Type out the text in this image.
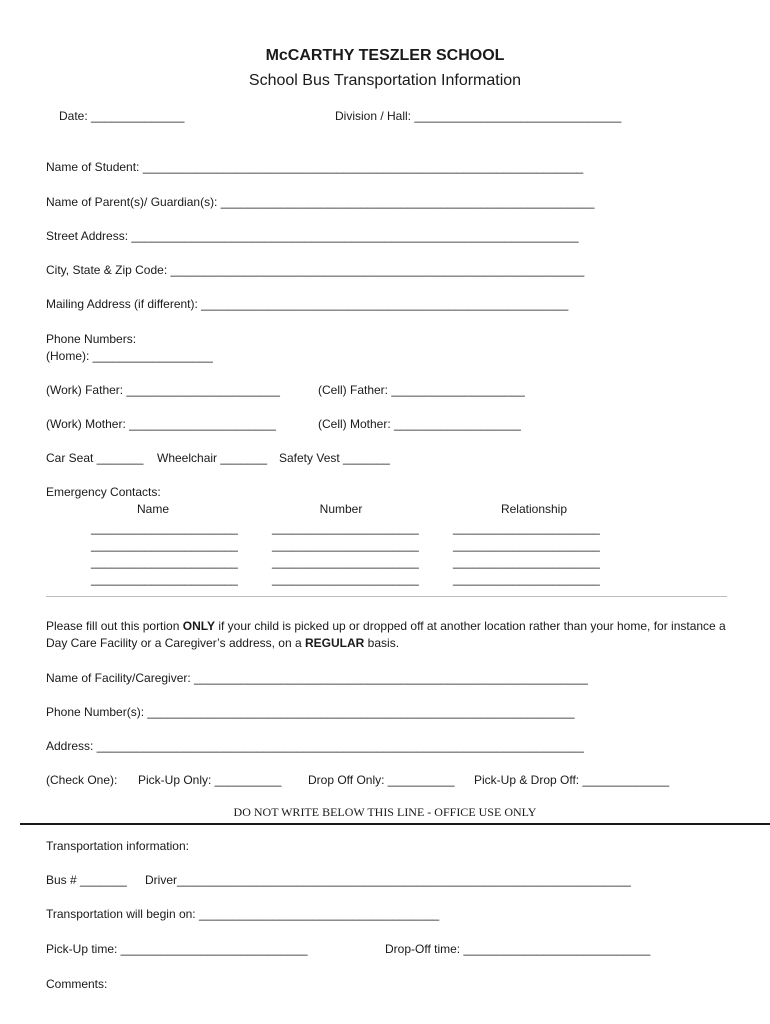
McCARTHY TESZLER SCHOOL
School Bus Transportation Information
Date: ______________	Division / Hall: _______________________________
Name of Student: __________________________________________________________________
Name of Parent(s)/ Guardian(s): ________________________________________________________
Street Address: ___________________________________________________________________
City, State & Zip Code: ______________________________________________________________
Mailing Address (if different): _______________________________________________________
Phone Numbers:
(Home): __________________
(Work) Father: _______________________	(Cell) Father: ____________________
(Work) Mother: ______________________	(Cell) Mother: ___________________
Car Seat _______ Wheelchair _______ Safety Vest _______
Emergency Contacts:
Name	Number	Relationship
______________________	______________________	______________________
______________________	______________________	______________________
______________________	______________________	______________________
______________________	______________________	______________________
Please fill out this portion ONLY if your child is picked up or dropped off at another location rather than your home, for instance a Day Care Facility or a Caregiver’s address, on a REGULAR basis.
Name of Facility/Caregiver: ___________________________________________________________
Phone Number(s): ________________________________________________________________
Address: _________________________________________________________________________
(Check One): Pick-Up Only: __________ Drop Off Only: __________ Pick-Up & Drop Off: _____________
DO NOT WRITE BELOW THIS LINE - OFFICE USE ONLY
Transportation information:
Bus # _______ Driver____________________________________________________________________
Transportation will begin on: ____________________________________
Pick-Up time: ____________________________	Drop-Off time: ____________________________
Comments:
